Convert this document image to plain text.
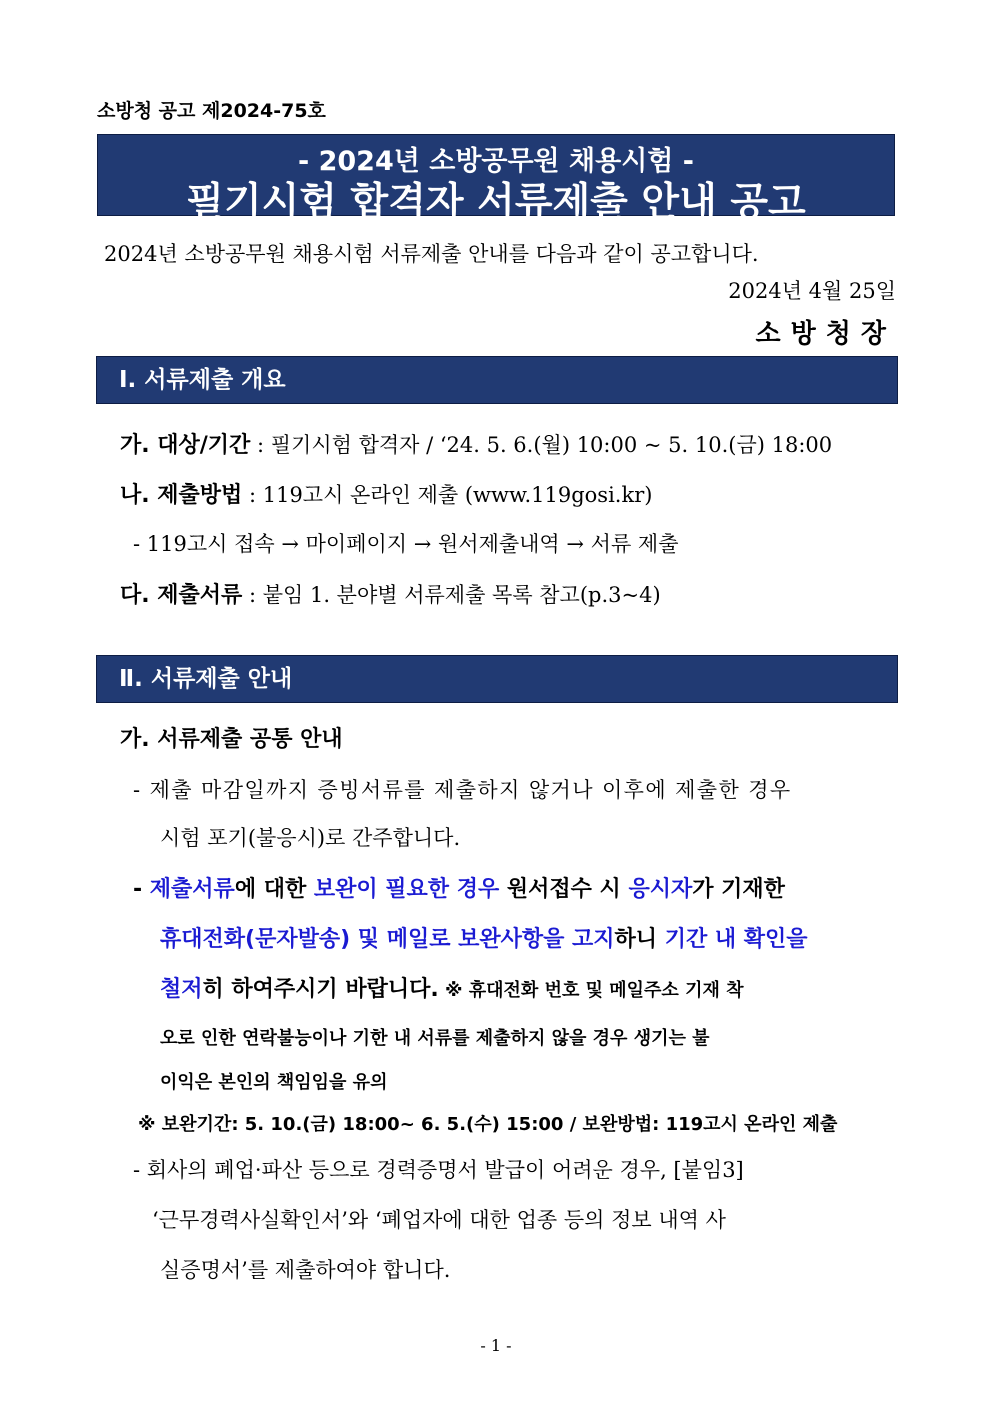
소방청 공고 제2024-75호
- 2024년 소방공무원 채용시험 -
필기시험 합격자 서류제출 안내 공고
2024년 소방공무원 채용시험 서류제출 안내를 다음과 같이 공고합니다.
2024년 4월 25일
소방청장
Ⅰ. 서류제출 개요
가. 대상/기간 : 필기시험 합격자 / ‘24. 5. 6.(월) 10:00 ~ 5. 10.(금) 18:00
나. 제출방법 : 119고시 온라인 제출 (www.119gosi.kr)
- 119고시 접속 → 마이페이지 → 원서제출내역 → 서류 제출
다. 제출서류 : 붙임 1. 분야별 서류제출 목록 참고(p.3~4)
Ⅱ. 서류제출 안내
가. 서류제출 공통 안내
- 제출 마감일까지 증빙서류를 제출하지 않거나 이후에 제출한 경우
시험 포기(불응시)로 간주합니다.
- 제출서류에 대한 보완이 필요한 경우 원서접수 시 응시자가 기재한
휴대전화(문자발송) 및 메일로 보완사항을 고지하니 기간 내 확인을
철저히 하여주시기 바랍니다. ※ 휴대전화 번호 및 메일주소 기재 착
오로 인한 연락불능이나 기한 내 서류를 제출하지 않을 경우 생기는 불
이익은 본인의 책임임을 유의
※ 보완기간: 5. 10.(금) 18:00~ 6. 5.(수) 15:00 / 보완방법: 119고시 온라인 제출
- 회사의 폐업·파산 등으로 경력증명서 발급이 어려운 경우, [붙임3]
‘근무경력사실확인서’와 ‘폐업자에 대한 업종 등의 정보 내역 사
실증명서’를 제출하여야 합니다.
- 1 -
